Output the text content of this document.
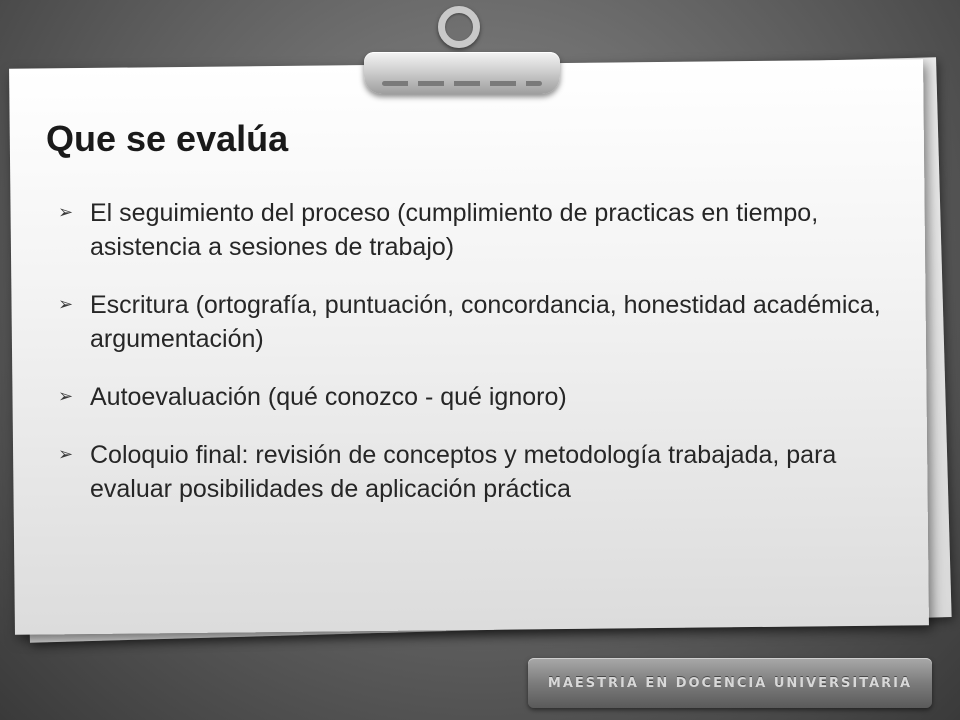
Que se evalúa
➢ El seguimiento del proceso (cumplimiento de practicas en tiempo, asistencia a sesiones de trabajo)
➢ Escritura (ortografía, puntuación, concordancia, honestidad académica, argumentación)
➢ Autoevaluación (qué conozco - qué ignoro)
➢ Coloquio final: revisión de conceptos y metodología trabajada, para evaluar posibilidades de aplicación práctica
MAESTRIA EN DOCENCIA UNIVERSITARIA
